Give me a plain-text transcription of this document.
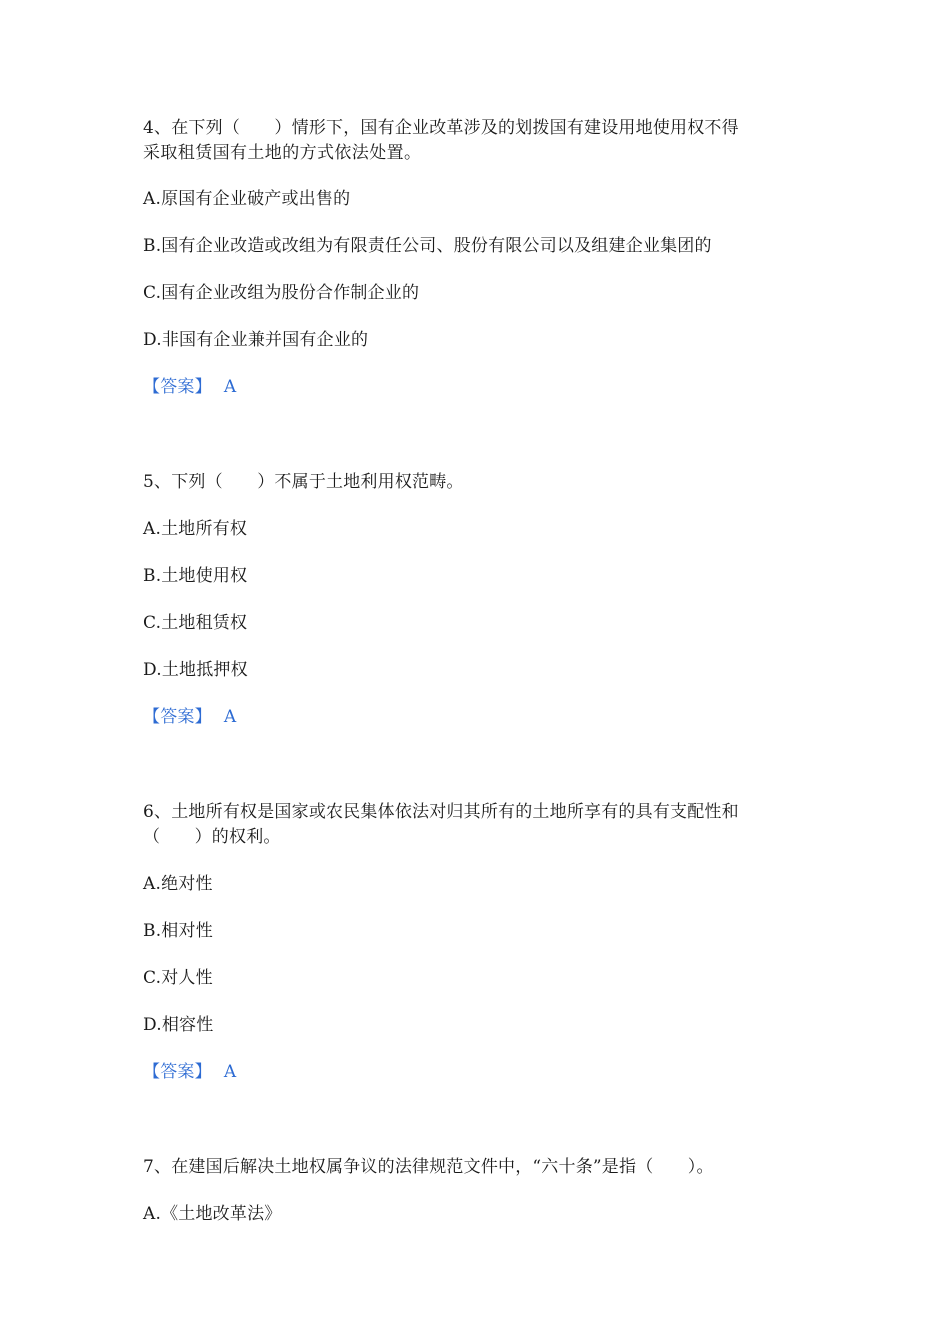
4、在下列（　　）情形下，国有企业改革涉及的划拨国有建设用地使用权不得
采取租赁国有土地的方式依法处置。
A.原国有企业破产或出售的
B.国有企业改造或改组为有限责任公司、股份有限公司以及组建企业集团的
C.国有企业改组为股份合作制企业的
D.非国有企业兼并国有企业的
【答案】 A
5、下列（　　）不属于土地利用权范畴。
A.土地所有权
B.土地使用权
C.土地租赁权
D.土地抵押权
【答案】 A
6、土地所有权是国家或农民集体依法对归其所有的土地所享有的具有支配性和
（　　）的权利。
A.绝对性
B.相对性
C.对人性
D.相容性
【答案】 A
7、在建国后解决土地权属争议的法律规范文件中，“六十条”是指（　　）。
A.《土地改革法》
